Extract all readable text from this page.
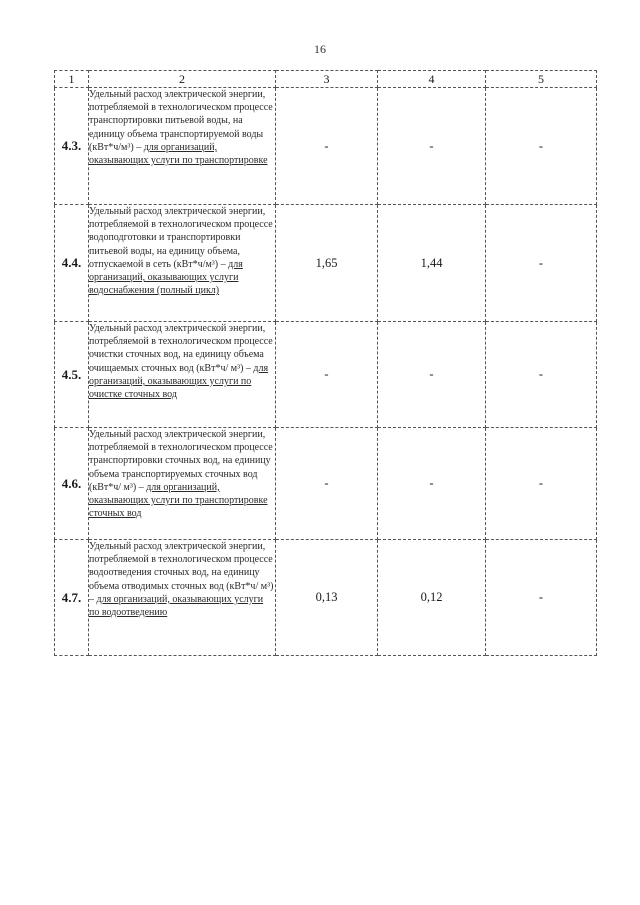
16
1	2	3	4	5
4.3.	Удельный расход электрической энергии, потребляемой в технологическом процессе транспортировки питьевой воды, на единицу объема транспортируемой воды (кВт*ч/м³) – для организаций, оказывающих услуги по транспортировке	-	-	-
4.4.	Удельный расход электрической энергии, потребляемой в технологическом процессе водоподготовки и транспортировки питьевой воды, на единицу объема, отпускаемой в сеть (кВт*ч/м³) – для организаций, оказывающих услуги водоснабжения (полный цикл)	1,65	1,44	-
4.5.	Удельный расход электрической энергии, потребляемой в технологическом процессе очистки сточных вод, на единицу объема очищаемых сточных вод (кВт*ч/ м³) – для организаций, оказывающих услуги по очистке сточных вод	-	-	-
4.6.	Удельный расход электрической энергии, потребляемой в технологическом процессе транспортировки сточных вод, на единицу объема транспортируемых сточных вод (кВт*ч/ м³) – для организаций, оказывающих услуги по транспортировке сточных вод	-	-	-
4.7.	Удельный расход электрической энергии, потребляемой в технологическом процессе водоотведения сточных вод, на единицу объема отводимых сточных вод (кВт*ч/ м³) – для организаций, оказывающих услуги по водоотведению	0,13	0,12	-
